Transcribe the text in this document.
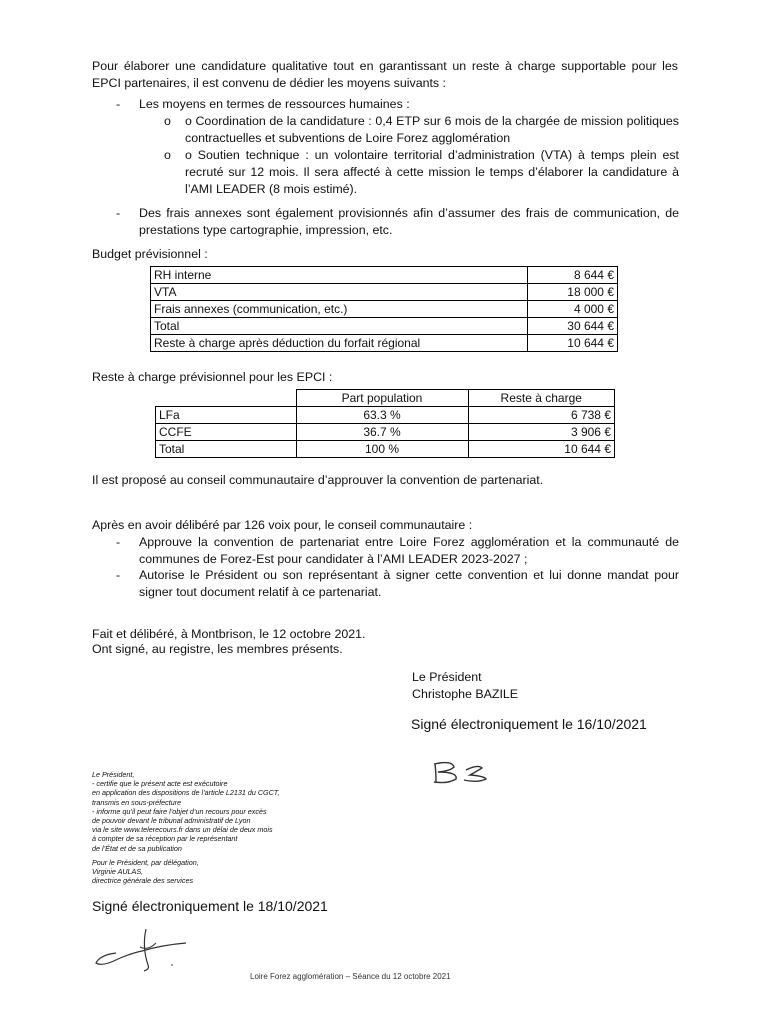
Pour élaborer une candidature qualitative tout en garantissant un reste à charge supportable pour les EPCI partenaires, il est convenu de dédier les moyens suivants :

- Les moyens en termes de ressources humaines :

o o Coordination de la candidature : 0,4 ETP sur 6 mois de la chargée de mission politiques contractuelles et subventions de Loire Forez agglomération

o o Soutien technique : un volontaire territorial d’administration (VTA) à temps plein est recruté sur 12 mois. Il sera affecté à cette mission le temps d’élaborer la candidature à l’AMI LEADER (8 mois estimé).

- Des frais annexes sont également provisionnés afin d’assumer des frais de communication, de prestations type cartographie, impression, etc.

Budget prévisionnel :

RH interne	8 644 €
VTA	18 000 €
Frais annexes (communication, etc.)	4 000 €
Total	30 644 €
Reste à charge après déduction du forfait régional	10 644 €

Reste à charge prévisionnel pour les EPCI :

	Part population	Reste à charge
LFa	63.3 %	6 738 €
CCFE	36.7 %	3 906 €
Total	100 %	10 644 €

Il est proposé au conseil communautaire d’approuver la convention de partenariat.

Après en avoir délibéré par 126 voix pour, le conseil communautaire :

- Approuve la convention de partenariat entre Loire Forez agglomération et la communauté de communes de Forez-Est pour candidater à l’AMI LEADER 2023-2027 ;

- Autorise le Président ou son représentant à signer cette convention et lui donne mandat pour signer tout document relatif à ce partenariat.

Fait et délibéré, à Montbrison, le 12 octobre 2021.

Ont signé, au registre, les membres présents.

Le Président

Christophe BAZILE

Signé électroniquement le 16/10/2021

Le Président,
- certifie que le présent acte est exécutoire
en application des dispositions de l’article L2131 du CGCT,
transmis en sous-préfecture
- informe qu’il peut faire l’objet d’un recours pour excès
de pouvoir devant le tribunal administratif de Lyon
via le site www.telerecours.fr dans un délai de deux mois
à compter de sa réception par le représentant
de l’État et de sa publication
Pour le Président, par délégation,
Virginie AULAS,
directrice générale des services

Signé électroniquement le 18/10/2021

Loire Forez agglomération – Séance du 12 octobre 2021
